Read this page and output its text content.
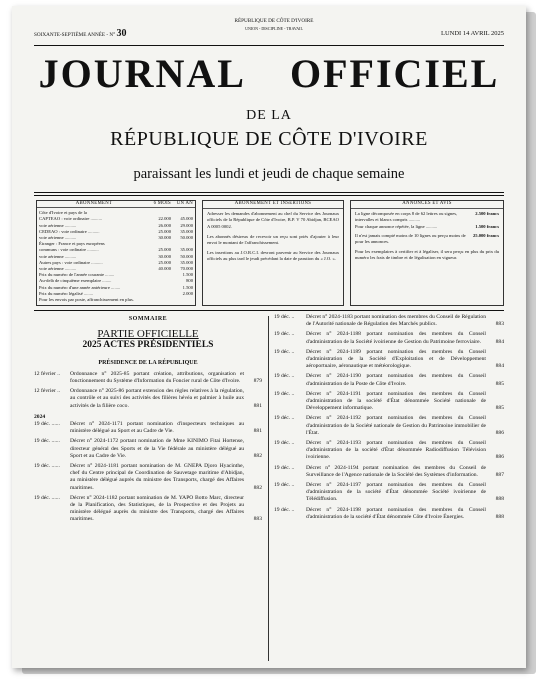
SOIXANTE-SEPTIÈME ANNÉE - N° 30
RÉPUBLIQUE DE CÔTE D'IVOIRE
UNION - DISCIPLINE - TRAVAIL
LUNDI 14 AVRIL 2025
JOURNAL OFFICIEL
DE LA
RÉPUBLIQUE DE CÔTE D'IVOIRE
paraissant les lundi et jeudi de chaque semaine
ABONNEMENT	6 MOIS	UN AN
Côte d'Ivoire et pays de la
CAPTEAO : voie ordinaire ..........	22.000	45.000
voie aérienne ..........	26.000	29.000
CEDEAO : voie ordinaire ..........	25.000	35.000
voie aérienne ..........	30.000	50.000
Étranger : France et pays européens
communs : voie ordinaire ..........	25.000	35.000
voie aérienne ..........	30.000	50.000
Autres pays : voie ordinaire ..........	25.000	35.000
voie aérienne ..........	40.000	70.000
Prix du numéro de l'année courante ........	1.500
Au-delà de cinquième exemplaire ........	800
Prix du numéro d'une année antérieure ........	1.500
Prix du numéro légalisé ........	2.000
Pour les envois par poste, affranchissement en plus.
ABONNEMENT ET INSERTIONS
Adresser les demandes d'abonnement au chef du Service des Journaux officiels de la République de Côte d'Ivoire, B.P. V 70 Abidjan, BCEAO A 0005 0002.
Les abonnés désireux de recevoir un reçu sont priés d'ajouter à leur envoi le montant de l'affranchissement.
Les insertions au J.O.R.C.I. devront parvenir au Service des Journaux officiels au plus tard le jeudi précédant la date de parution du « J.O. ».
ANNONCES ET AVIS
La ligne décomposée en corps 8 de 62 lettres ou signes, intervalles et blancs compris ..........
2.500 francs
Pour chaque annonce répétée, la ligne ..........	1.500 francs
Il n'est jamais compté moins de 10 lignes ou perçu moins de	25.000 francs
pour les annonces.
Pour les exemplaires à certifier et à légaliser, il sera perçu en plus du prix du numéro les frais de timbre et de légalisation en vigueur.
SOMMAIRE
PARTIE OFFICIELLE
2025 ACTES PRÉSIDENTIELS
PRÉSIDENCE DE LA RÉPUBLIQUE
12 février ..	Ordonnance n° 2025-85 portant création, attributions, organisation et fonctionnement du Système d'Information du Foncier rural de Côte d'Ivoire.	879
12 février ..	Ordonnance n° 2025-86 portant extension des règles relatives à la régulation, au contrôle et au suivi des activités des filières hévéa et palmier à huile aux activités de la filière coco.	881
2024
19 déc. ......	Décret n° 2024-1171 portant nomination d'inspecteurs techniques au ministère délégué au Sport et au Cadre de Vie.	881
19 déc. ......	Décret n° 2024-1172 portant nomination de Mme KINIMO Fitai Hortense, directeur général des Sports et de la Vie fédérale au ministère délégué au Sport et au Cadre de Vie.	882
19 déc. ......	Décret n° 2024-1181 portant nomination de M. GNEPA Djoro Hyacinthe, chef du Centre principal de Coordination de Sauvetage maritime d'Abidjan, au ministère délégué auprès du ministre des Transports, chargé des Affaires maritimes.	882
19 déc. ......	Décret n° 2024-1182 portant nomination de M. YAPO Botto Marc, directeur de la Planification, des Statistiques, de la Prospective et des Projets au ministère délégué auprès du ministre des Transports, chargé des Affaires maritimes.	883
19 déc. ..	Décret n° 2024-1183 portant nomination des membres du Conseil de Régulation de l'Autorité nationale de Régulation des Marchés publics.	883
19 déc. ..	Décret n° 2024-1188 portant nomination des membres du Conseil d'administration de la Société ivoirienne de Gestion du Patrimoine ferroviaire.	884
19 déc. ..	Décret n° 2024-1189 portant nomination des membres du Conseil d'administration de la Société d'Exploitation et de Développement aéroportuaire, aéronautique et météorologique.	884
19 déc. ..	Décret n° 2024-1190 portant nomination des membres du Conseil d'administration de la Poste de Côte d'Ivoire.	885
19 déc. ..	Décret n° 2024-1191 portant nomination des membres du Conseil d'administration de la société d'État dénommée Société nationale de Développement informatique.	885
19 déc. ..	Décret n° 2024-1192 portant nomination des membres du Conseil d'administration de la Société nationale de Gestion du Patrimoine immobilier de l'État.	886
19 déc. ..	Décret n° 2024-1193 portant nomination des membres du Conseil d'administration de la société d'État dénommée Radiodiffusion Télévision ivoirienne.	886
19 déc. ..	Décret n° 2024-1194 portant nomination des membres du Conseil de Surveillance de l'Agence nationale de la Société des Systèmes d'information.	887
19 déc. ..	Décret n° 2024-1197 portant nomination des membres du Conseil d'administration de la société d'État dénommée Société ivoirienne de Télédiffusion.	888
19 déc. ..	Décret n° 2024-1198 portant nomination des membres du Conseil d'administration de la société d'État dénommée Côte d'Ivoire Énergies.	888
